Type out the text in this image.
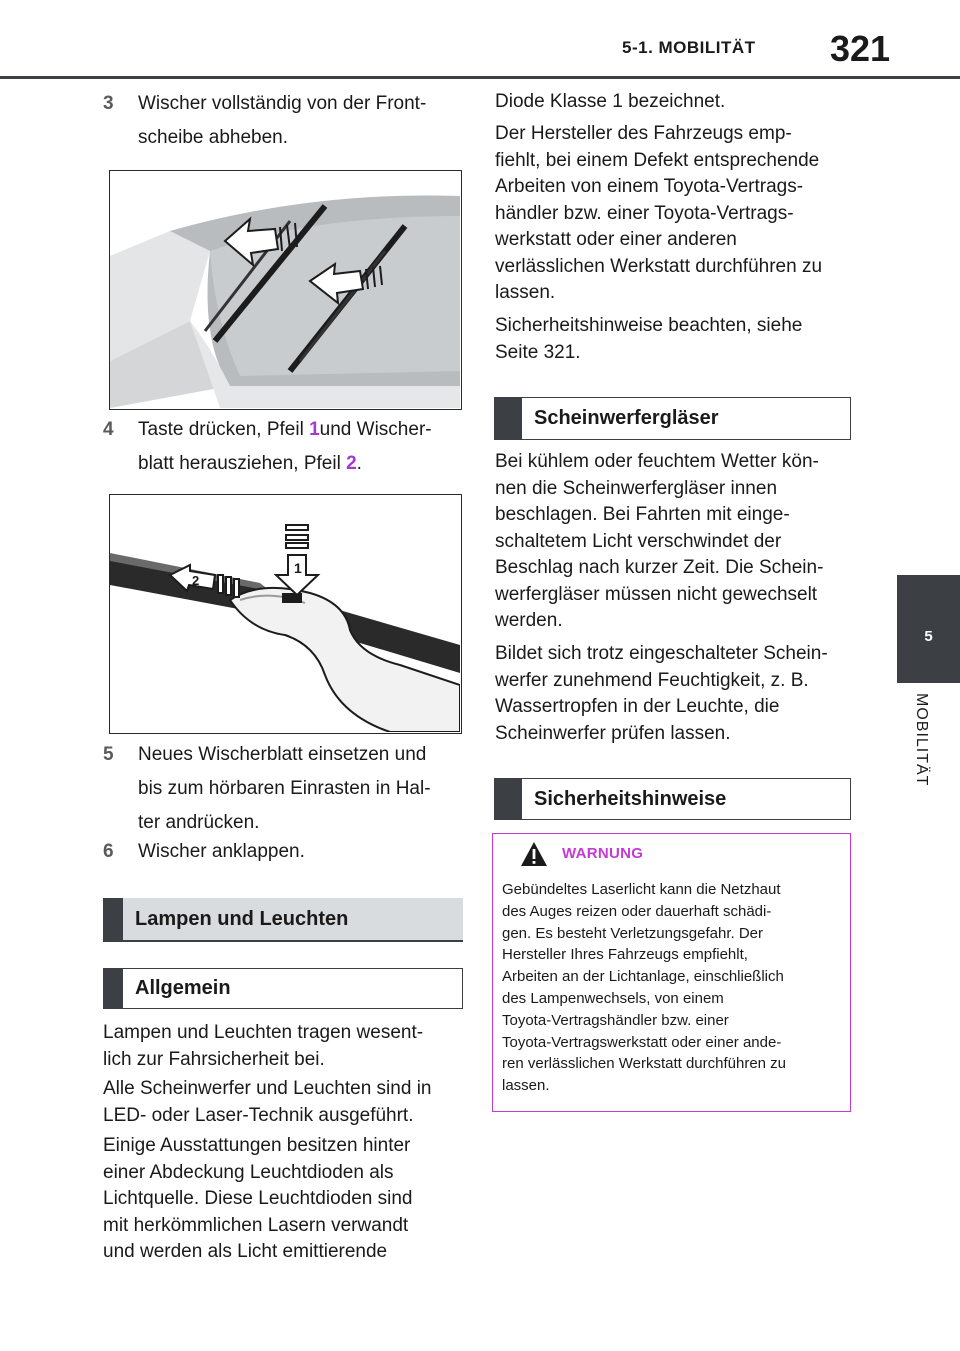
5-1. MOBILITÄT 321
5
MOBILITÄT
3	Wischer vollständig von der Front-
scheibe abheben.
4	Taste drücken, Pfeil 1und Wischer-
blatt herausziehen, Pfeil 2.
1
2
5	Neues Wischerblatt einsetzen und
bis zum hörbaren Einrasten in Hal-
ter andrücken.
6	Wischer anklappen.
Lampen und Leuchten
Allgemein
Lampen und Leuchten tragen wesent-
lich zur Fahrsicherheit bei.
Alle Scheinwerfer und Leuchten sind in
LED- oder Laser-Technik ausgeführt.
Einige Ausstattungen besitzen hinter
einer Abdeckung Leuchtdioden als
Lichtquelle. Diese Leuchtdioden sind
mit herkömmlichen Lasern verwandt
und werden als Licht emittierende
Diode Klasse 1 bezeichnet.
Der Hersteller des Fahrzeugs emp-
fiehlt, bei einem Defekt entsprechende
Arbeiten von einem Toyota-Vertrags-
händler bzw. einer Toyota-Vertrags-
werkstatt oder einer anderen
verlässlichen Werkstatt durchführen zu
lassen.
Sicherheitshinweise beachten, siehe
Seite 321.
Scheinwerfergläser
Bei kühlem oder feuchtem Wetter kön-
nen die Scheinwerfergläser innen
beschlagen. Bei Fahrten mit einge-
schaltetem Licht verschwindet der
Beschlag nach kurzer Zeit. Die Schein-
werfergläser müssen nicht gewechselt
werden.
Bildet sich trotz eingeschalteter Schein-
werfer zunehmend Feuchtigkeit, z. B.
Wassertropfen in der Leuchte, die
Scheinwerfer prüfen lassen.
Sicherheitshinweise
WARNUNG
Gebündeltes Laserlicht kann die Netzhaut
des Auges reizen oder dauerhaft schädi-
gen. Es besteht Verletzungsgefahr. Der
Hersteller Ihres Fahrzeugs empfiehlt,
Arbeiten an der Lichtanlage, einschließlich
des Lampenwechsels, von einem
Toyota-Vertragshändler bzw. einer
Toyota-Vertragswerkstatt oder einer ande-
ren verlässlichen Werkstatt durchführen zu
lassen.
